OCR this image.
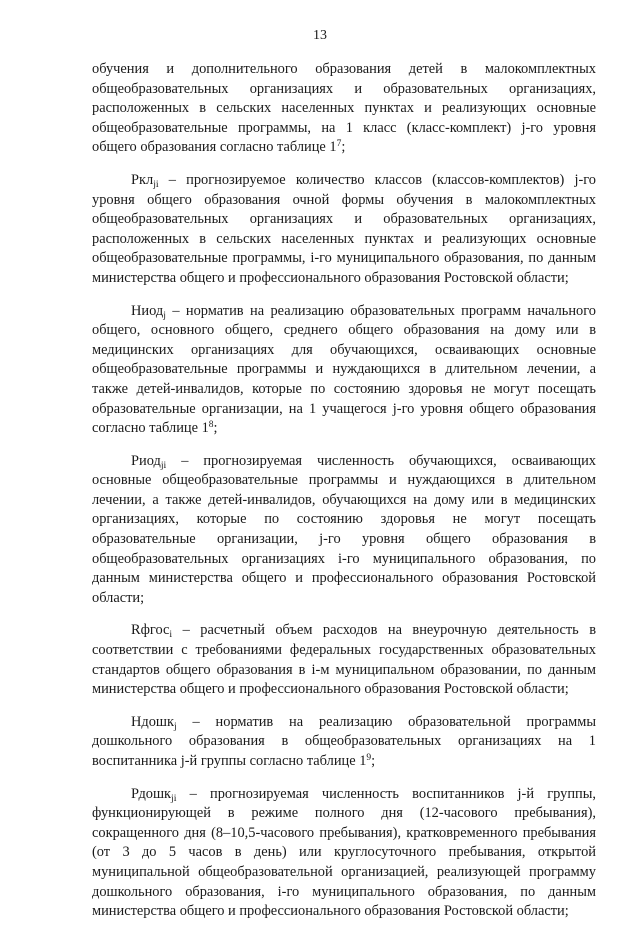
13

обучения и дополнительного образования детей в малокомплектных общеобразовательных организациях и образовательных организациях, расположенных в сельских населенных пунктах и реализующих основные общеобразовательные программы, на 1 класс (класс-комплект) j-го уровня общего образования согласно таблице $1^7$;

Ркл$_{ji}$ – прогнозируемое количество классов (классов-комплектов) j-го уровня общего образования очной формы обучения в малокомплектных общеобразовательных организациях и образовательных организациях, расположенных в сельских населенных пунктах и реализующих основные общеобразовательные программы, i-го муниципального образования, по данным министерства общего и профессионального образования Ростовской области;

Ниод$_j$ – норматив на реализацию образовательных программ начального общего, основного общего, среднего общего образования на дому или в медицинских организациях для обучающихся, осваивающих основные общеобразовательные программы и нуждающихся в длительном лечении, а также детей-инвалидов, которые по состоянию здоровья не могут посещать образовательные организации, на 1 учащегося j-го уровня общего образования согласно таблице $1^8$;

Риод$_{ji}$ – прогнозируемая численность обучающихся, осваивающих основные общеобразовательные программы и нуждающихся в длительном лечении, а также детей-инвалидов, обучающихся на дому или в медицинских организациях, которые по состоянию здоровья не могут посещать образовательные организации, j-го уровня общего образования в общеобразовательных организациях i-го муниципального образования, по данным министерства общего и профессионального образования Ростовской области;

Rфгос$_i$ – расчетный объем расходов на внеурочную деятельность в соответствии с требованиями федеральных государственных образовательных стандартов общего образования в i-м муниципальном образовании, по данным министерства общего и профессионального образования Ростовской области;

Ндошк$_j$ – норматив на реализацию образовательной программы дошкольного образования в общеобразовательных организациях на 1 воспитанника j-й группы согласно таблице $1^9$;

Рдошк$_{ji}$ – прогнозируемая численность воспитанников j-й группы, функционирующей в режиме полного дня (12-часового пребывания), сокращенного дня (8–10,5-часового пребывания), кратковременного пребывания (от 3 до 5 часов в день) или круглосуточного пребывания, открытой муниципальной общеобразовательной организацией, реализующей программу дошкольного образования, i-го муниципального образования, по данным министерства общего и профессионального образования Ростовской области;
